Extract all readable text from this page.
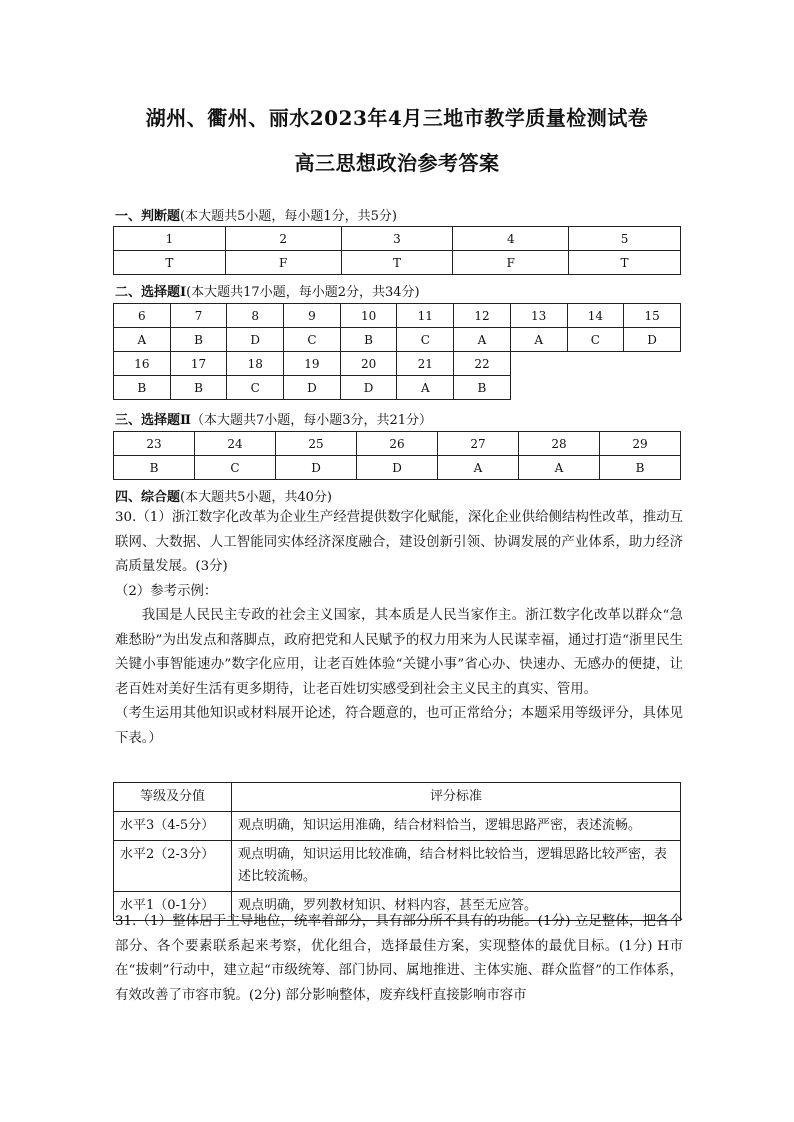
湖州、衢州、丽水2023年4月三地市教学质量检测试卷
高三思想政治参考答案
一、判断题(本大题共5小题，每小题1分，共5分)
1	2	3	4	5
T	F	T	F	T
二、选择题Ⅰ(本大题共17小题，每小题2分，共34分)
6	7	8	9	10	11	12	13	14	15
A	B	D	C	B	C	A	A	C	D
16	17	18	19	20	21	22			
B	B	C	D	D	A	B			
三、选择题Ⅱ（本大题共7小题，每小题3分，共21分）
23	24	25	26	27	28	29
B	C	D	D	A	A	B
四、综合题(本大题共5小题，共40分)

30.（1）浙江数字化改革为企业生产经营提供数字化赋能，深化企业供给侧结构性改革，推动互联网、大数据、人工智能同实体经济深度融合，建设创新引领、协调发展的产业体系，助力经济高质量发展。(3分)

（2）参考示例：

我国是人民民主专政的社会主义国家，其本质是人民当家作主。浙江数字化改革以群众“急难愁盼”为出发点和落脚点，政府把党和人民赋予的权力用来为人民谋幸福，通过打造“浙里民生关键小事智能速办”数字化应用，让老百姓体验“关键小事”省心办、快速办、无感办的便捷，让老百姓对美好生活有更多期待，让老百姓切实感受到社会主义民主的真实、管用。

（考生运用其他知识或材料展开论述，符合题意的，也可正常给分；本题采用等级评分，具体见下表。）

等级及分值	评分标准
水平3（4-5分）	观点明确，知识运用准确，结合材料恰当，逻辑思路严密，表述流畅。
水平2（2-3分）	观点明确，知识运用比较准确，结合材料比较恰当，逻辑思路比较严密，表述比较流畅。
水平1（0-1分）	观点明确，罗列教材知识、材料内容，甚至无应答。

31.（1）整体居于主导地位，统率着部分，具有部分所不具有的功能。(1分) 立足整体，把各个部分、各个要素联系起来考察，优化组合，选择最佳方案，实现整体的最优目标。(1分) H市在“拔刺”行动中，建立起“市级统筹、部门协同、属地推进、主体实施、群众监督”的工作体系，有效改善了市容市貌。(2分) 部分影响整体，废弃线杆直接影响市容市
